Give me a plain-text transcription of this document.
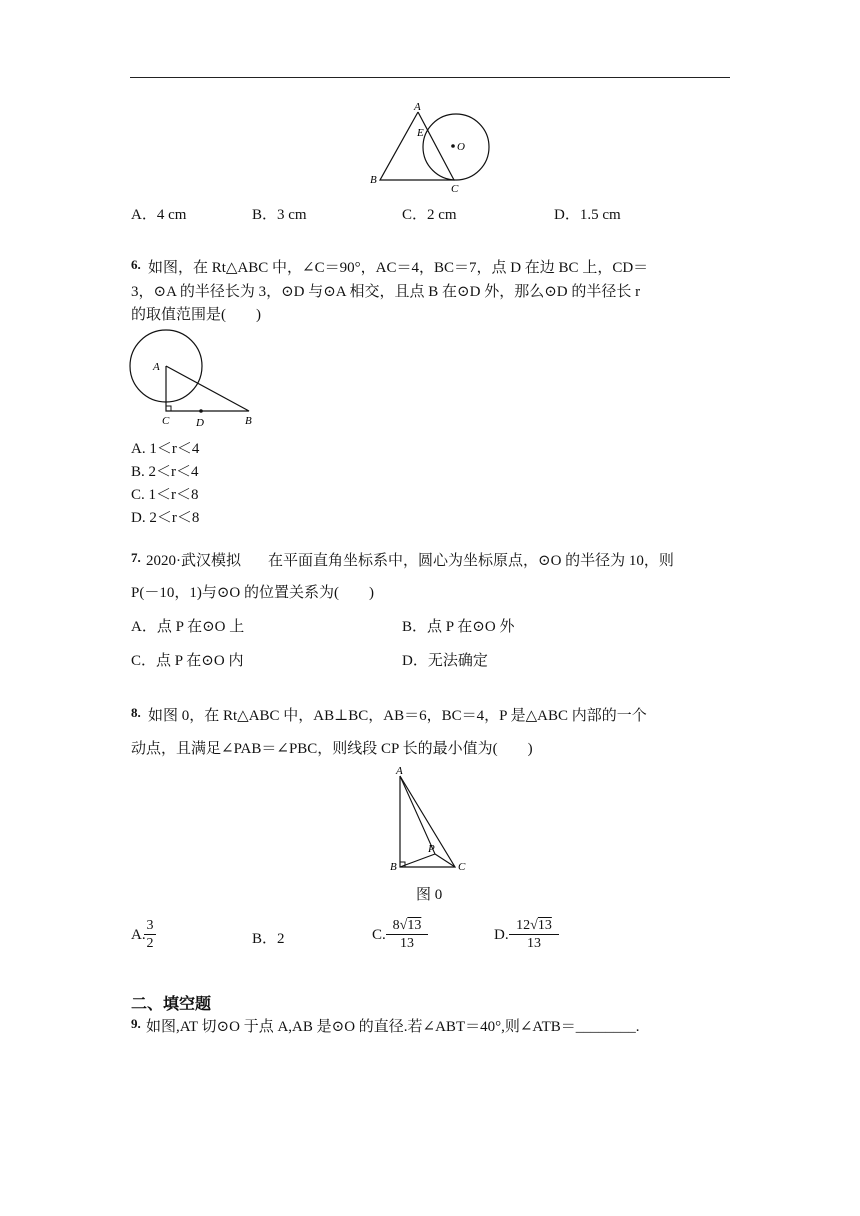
A
E
O
B
C
A．4 cm	B．3 cm	C．2 cm	D．1.5 cm
6. 如图，在 Rt△ABC 中，∠C＝90°，AC＝4，BC＝7，点 D 在边 BC 上，CD＝
3，⊙A 的半径长为 3，⊙D 与⊙A 相交，且点 B 在⊙D 外，那么⊙D 的半径长 r
的取值范围是(　　)
A
C D	B
A. 1＜r＜4
B. 2＜r＜4
C. 1＜r＜8
D. 2＜r＜8
7. 2020·武汉模拟 在平面直角坐标系中，圆心为坐标原点，⊙O 的半径为 10，则
P(－10，1)与⊙O 的位置关系为(　　)
A．点 P 在⊙O 上	B．点 P 在⊙O 外
C．点 P 在⊙O 内	D．无法确定
8. 如图 0，在 Rt△ABC 中，AB⊥BC，AB＝6，BC＝4，P 是△ABC 内部的一个
动点，且满足∠PAB＝∠PBC，则线段 CP 长的最小值为(　　)
A
P
B	C
图 0
A.
$\frac{3}{2}$	B．2	C. $\frac{8√13}{13}$	D. $\frac{12√13}{13}$
二、填空题
9. 如图,AT 切⊙O 于点 A,AB 是⊙O 的直径.若∠ABT＝40°,则∠ATB＝________.
